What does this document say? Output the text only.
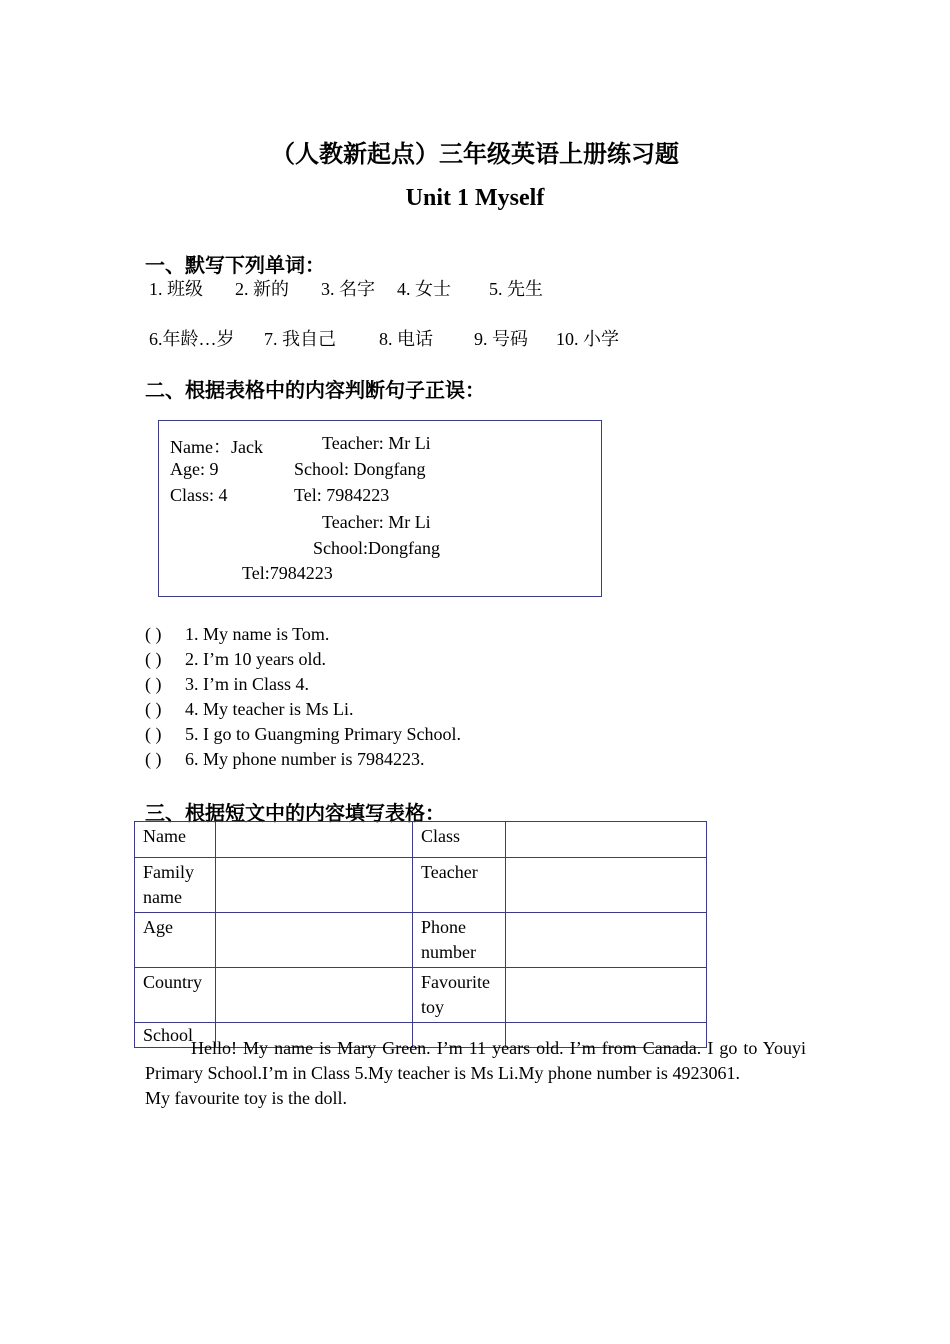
（人教新起点）三年级英语上册练习题
Unit 1 Myself
一、默写下列单词：
1. 班级 2. 新的 3. 名字 4. 女士 5. 先生
6.年龄…岁 7. 我自己 8. 电话 9. 号码 10. 小学
二、根据表格中的内容判断句子正误：
Name：Jack	Teacher: Mr Li
Age: 9	School: Dongfang
Class: 4	Tel: 7984223
Teacher: Mr Li
School:Dongfang
Tel:7984223
( ) 1. My name is Tom.
( ) 2. I’m 10 years old.
( ) 3. I’m in Class 4.
( ) 4. My teacher is Ms Li.
( ) 5. I go to Guangming Primary School.
( ) 6. My phone number is 7984223.
三、根据短文中的内容填写表格：
Name		Class	

Family name		Teacher	
Age		Phone number	

Country		Favourite toy	

School			

Hello! My name is Mary Green. I’m 11 years old. I’m from Canada. I go to Youyi Primary School.I’m in Class 5.My teacher is Ms Li.My phone number is 4923061.

My favourite toy is the doll.
